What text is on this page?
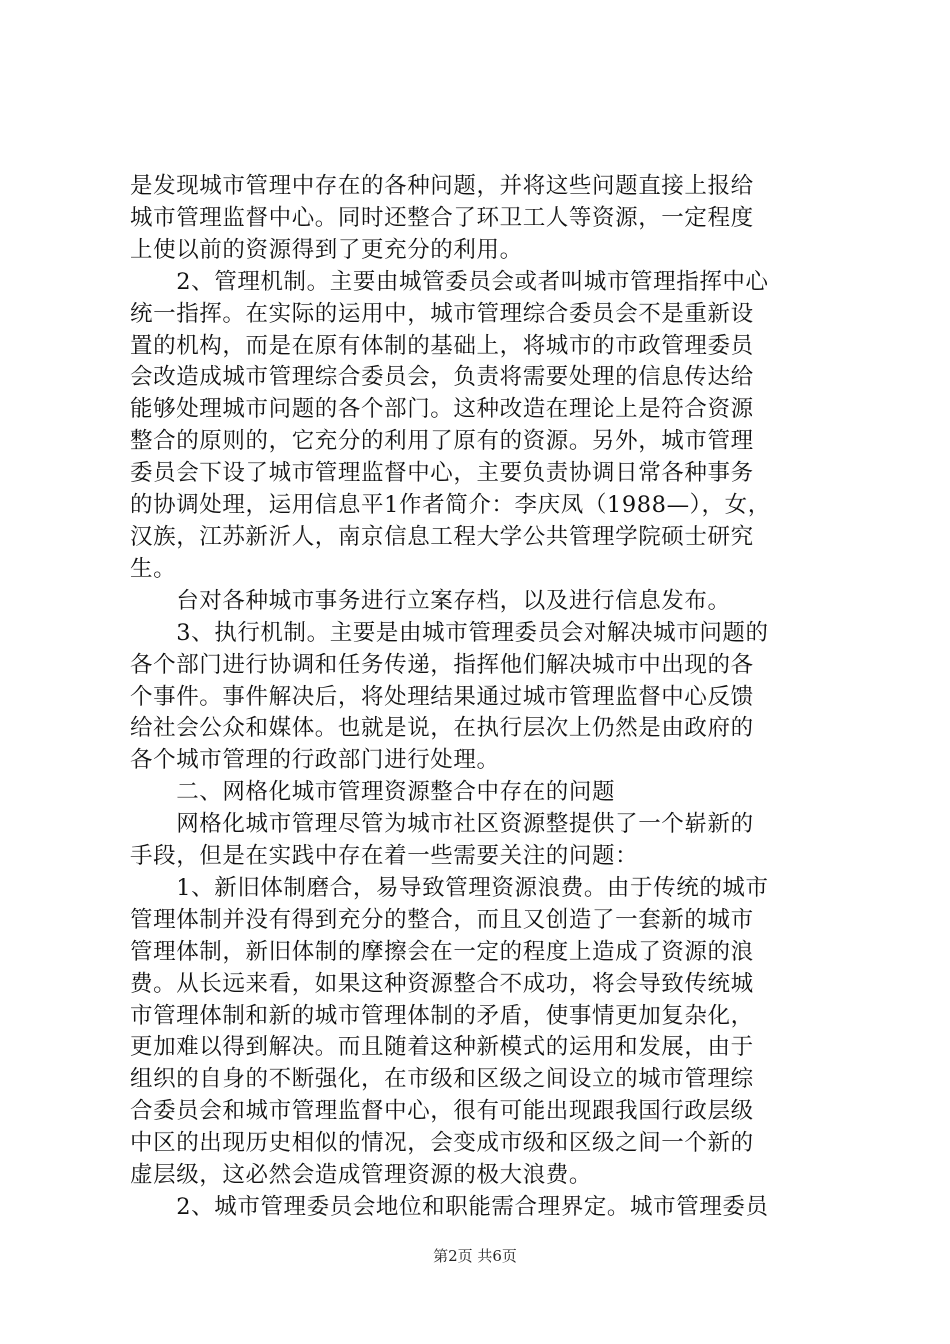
是发现城市管理中存在的各种问题，并将这些问题直接上报给
城市管理监督中心。同时还整合了环卫工人等资源，一定程度
上使以前的资源得到了更充分的利用。
　　2、管理机制。主要由城管委员会或者叫城市管理指挥中心
统一指挥。在实际的运用中，城市管理综合委员会不是重新设
置的机构，而是在原有体制的基础上，将城市的市政管理委员
会改造成城市管理综合委员会，负责将需要处理的信息传达给
能够处理城市问题的各个部门。这种改造在理论上是符合资源
整合的原则的，它充分的利用了原有的资源。另外，城市管理
委员会下设了城市管理监督中心，主要负责协调日常各种事务
的协调处理，运用信息平1作者简介：李庆凤（1988—），女，
汉族，江苏新沂人，南京信息工程大学公共管理学院硕士研究
生。
　　台对各种城市事务进行立案存档，以及进行信息发布。
　　3、执行机制。主要是由城市管理委员会对解决城市问题的
各个部门进行协调和任务传递，指挥他们解决城市中出现的各
个事件。事件解决后，将处理结果通过城市管理监督中心反馈
给社会公众和媒体。也就是说，在执行层次上仍然是由政府的
各个城市管理的行政部门进行处理。
　　二、网格化城市管理资源整合中存在的问题
　　网格化城市管理尽管为城市社区资源整提供了一个崭新的
手段，但是在实践中存在着一些需要关注的问题：
　　1、新旧体制磨合，易导致管理资源浪费。由于传统的城市
管理体制并没有得到充分的整合，而且又创造了一套新的城市
管理体制，新旧体制的摩擦会在一定的程度上造成了资源的浪
费。从长远来看，如果这种资源整合不成功，将会导致传统城
市管理体制和新的城市管理体制的矛盾，使事情更加复杂化，
更加难以得到解决。而且随着这种新模式的运用和发展，由于
组织的自身的不断强化，在市级和区级之间设立的城市管理综
合委员会和城市管理监督中心，很有可能出现跟我国行政层级
中区的出现历史相似的情况，会变成市级和区级之间一个新的
虚层级，这必然会造成管理资源的极大浪费。
　　2、城市管理委员会地位和职能需合理界定。城市管理委员
第2页 共6页
